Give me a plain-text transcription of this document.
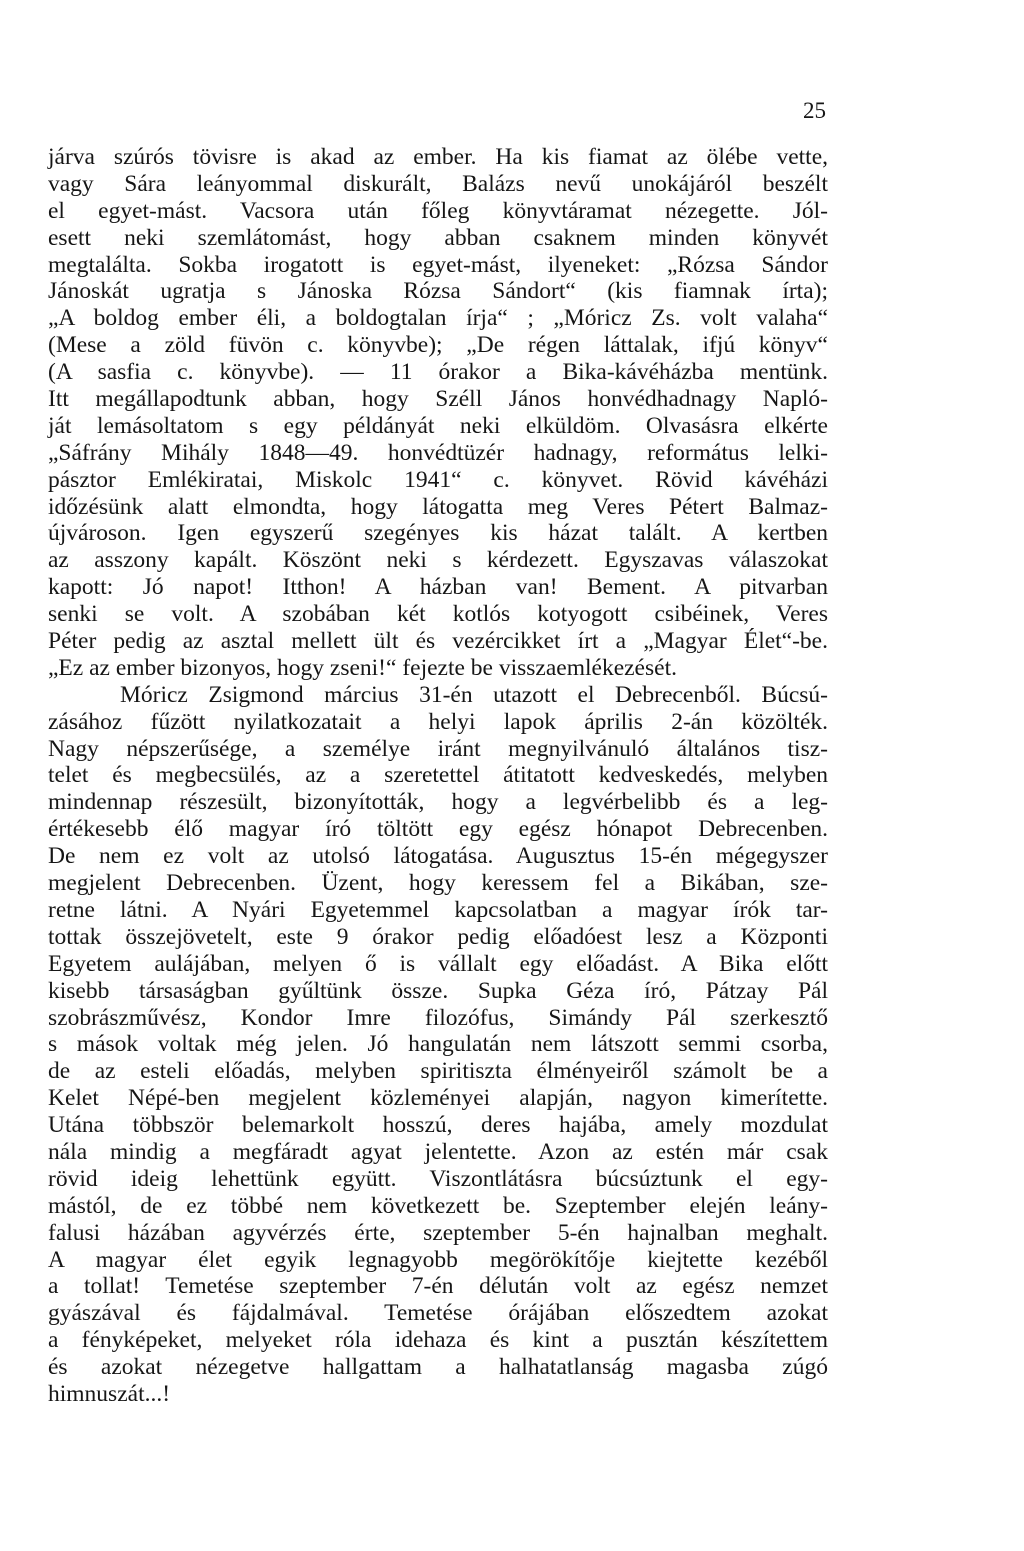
25
járva szúrós tövisre is akad az ember. Ha kis fiamat az ölébe vette,
vagy Sára leányommal diskurált, Balázs nevű unokájáról beszélt
el egyet-mást. Vacsora után főleg könyvtáramat nézegette. Jól-
esett neki szemlátomást, hogy abban csaknem minden könyvét
megtalálta. Sokba irogatott is egyet-mást, ilyeneket: „Rózsa Sándor
Jánoskát ugratja s Jánoska Rózsa Sándort“ (kis fiamnak írta);
„A boldog ember éli, a boldogtalan írja“ ; „Móricz Zs. volt valaha“
(Mese a zöld füvön c. könyvbe); „De régen láttalak, ifjú könyv“
(A sasfia c. könyvbe). — 11 órakor a Bika-kávéházba mentünk.
Itt megállapodtunk abban, hogy Széll János honvédhadnagy Napló-
ját lemásoltatom s egy példányát neki elküldöm. Olvasásra elkérte
„Sáfrány Mihály 1848—49. honvédtüzér hadnagy, református lelki-
pásztor Emlékiratai, Miskolc 1941“ c. könyvet. Rövid kávéházi
időzésünk alatt elmondta, hogy látogatta meg Veres Pétert Balmaz-
újvároson. Igen egyszerű szegényes kis házat talált. A kertben
az asszony kapált. Köszönt neki s kérdezett. Egyszavas válaszokat
kapott: Jó napot! Itthon! A házban van! Bement. A pitvarban
senki se volt. A szobában két kotlós kotyogott csibéinek, Veres
Péter pedig az asztal mellett ült és vezércikket írt a „Magyar Élet“-be.
„Ez az ember bizonyos, hogy zseni!“ fejezte be visszaemlékezését.
Móricz Zsigmond március 31-én utazott el Debrecenből. Búcsú-
zásához fűzött nyilatkozatait a helyi lapok április 2-án közölték.
Nagy népszerűsége, a személye iránt megnyilvánuló általános tisz-
telet és megbecsülés, az a szeretettel átitatott kedveskedés, melyben
mindennap részesült, bizonyították, hogy a legvérbelibb és a leg-
értékesebb élő magyar író töltött egy egész hónapot Debrecenben.
De nem ez volt az utolsó látogatása. Augusztus 15-én mégegyszer
megjelent Debrecenben. Üzent, hogy keressem fel a Bikában, sze-
retne látni. A Nyári Egyetemmel kapcsolatban a magyar írók tar-
tottak összejövetelt, este 9 órakor pedig előadóest lesz a Központi
Egyetem aulájában, melyen ő is vállalt egy előadást. A Bika előtt
kisebb társaságban gyűltünk össze. Supka Géza író, Pátzay Pál
szobrászművész, Kondor Imre filozófus, Simándy Pál szerkesztő
s mások voltak még jelen. Jó hangulatán nem látszott semmi csorba,
de az esteli előadás, melyben spiritiszta élményeiről számolt be a
Kelet Népé-ben megjelent közleményei alapján, nagyon kimerítette.
Utána többször belemarkolt hosszú, deres hajába, amely mozdulat
nála mindig a megfáradt agyat jelentette. Azon az estén már csak
rövid ideig lehettünk együtt. Viszontlátásra búcsúztunk el egy-
mástól, de ez többé nem következett be. Szeptember elején leány-
falusi házában agyvérzés érte, szeptember 5-én hajnalban meghalt.
A magyar élet egyik legnagyobb megörökítője kiejtette kezéből
a tollat! Temetése szeptember 7-én délután volt az egész nemzet
gyászával és fájdalmával. Temetése órájában előszedtem azokat
a fényképeket, melyeket róla idehaza és kint a pusztán készítettem
és azokat nézegetve hallgattam a halhatatlanság magasba zúgó
himnuszát...!
